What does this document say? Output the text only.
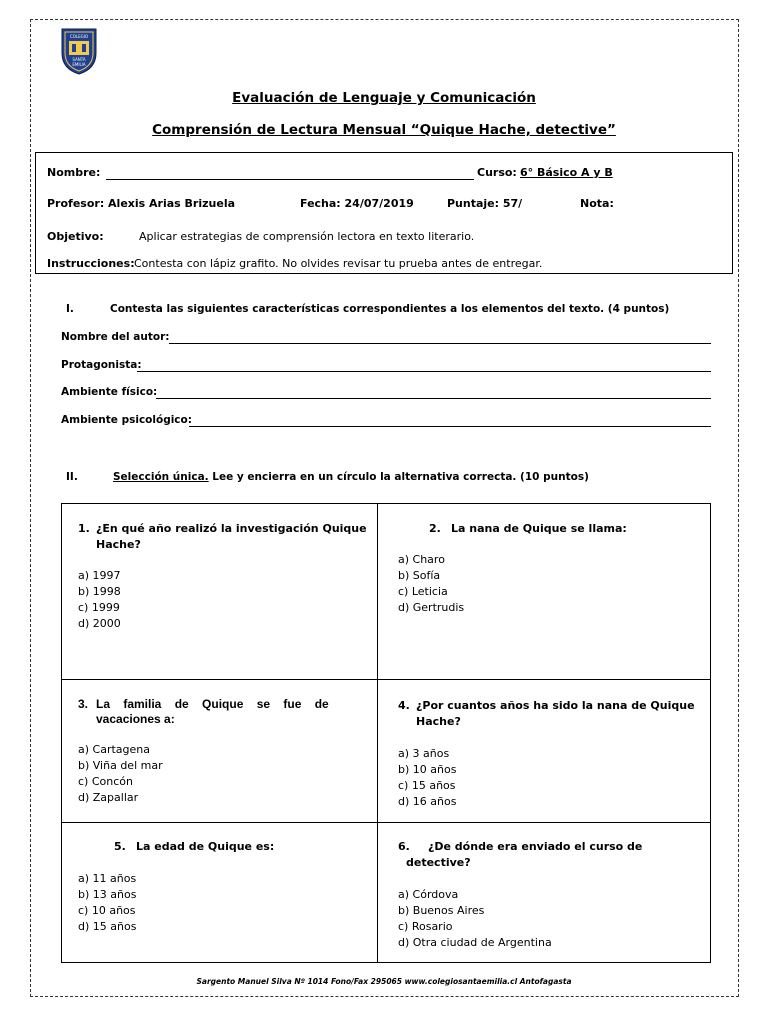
COLEGIO
SANTA
EMILIA
Evaluación de Lenguaje y Comunicación
Comprensión de Lectura Mensual “Quique Hache, detective”
Nombre:	Curso: 6° Básico A y B
Profesor: Alexis Arias Brizuela	Fecha: 24/07/2019	Puntaje: 57/	Nota:
Objetivo:	Aplicar estrategias de comprensión lectora en texto literario.
Instrucciones: Contesta con lápiz grafito. No olvides revisar tu prueba antes de entregar.
I.	Contesta las siguientes características correspondientes a los elementos del texto. (4 puntos)
Nombre del autor:
Protagonista:
Ambiente físico:
Ambiente psicológico:
II.	Selección única. Lee y encierra en un círculo la alternativa correcta. (10 puntos)
1. ¿En qué año realizó la investigación Quique
Hache?
a) 1997
b) 1998
c) 1999
d) 2000
2. La nana de Quique se llama:
a) Charo
b) Sofía
c) Leticia
d) Gertrudis
3. La    familia    de    Quique    se    fue    de
vacaciones a:
a) Cartagena
b) Viña del mar
c) Concón
d) Zapallar
4. ¿Por cuantos años ha sido la nana de Quique
Hache?
a) 3 años
b) 10 años
c) 15 años
d) 16 años
5. La edad de Quique es:
a) 11 años
b) 13 años
c) 10 años
d) 15 años
6. ¿De dónde era enviado el curso de
detective?
a) Córdova
b) Buenos Aires
c) Rosario
d) Otra ciudad de Argentina
Sargento Manuel Silva Nº 1014 Fono/Fax 295065 www.colegiosantaemilia.cl Antofagasta
